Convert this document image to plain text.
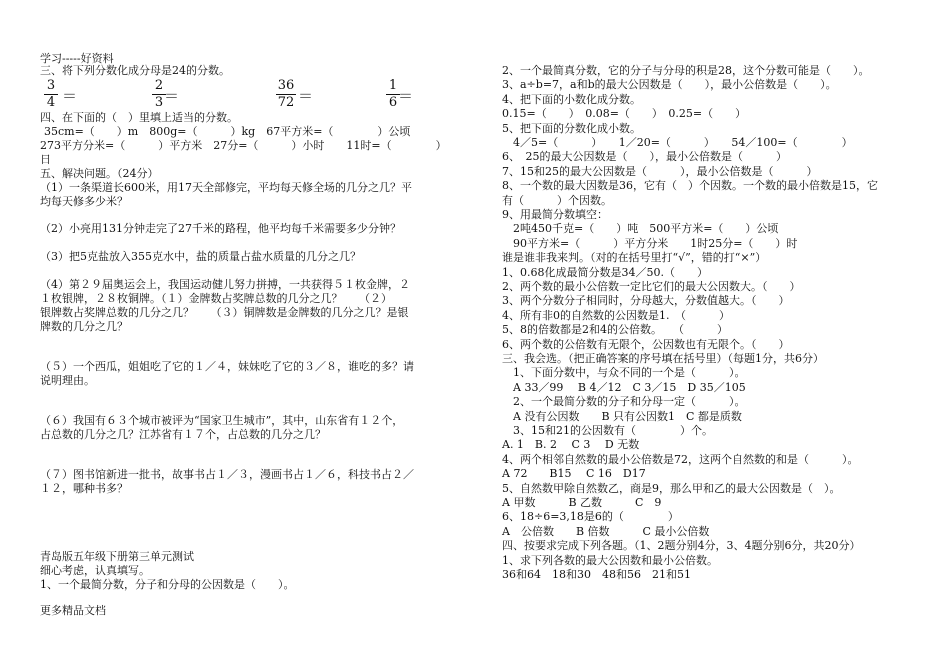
学习-----好资料
三、将下列分数化成分母是24的分数。
3
4 ＝
2
3 ＝
36
72 ＝
1
6 ＝
四、在下面的（　）里填上适当的分数。
35cm=（　　）m　800g=（　　　）kg　67平方米=（　　　　）公顷
273平方分米=（　　　）平方米　27分=（　　　）小时　　11时=（　　　　）
日
五、解决问题。（24分）
（1）一条渠道长600米，用17天全部修完，平均每天修全场的几分之几？平
均每天修多少米？
（2）小亮用131分钟走完了27千米的路程，他平均每千米需要多少分钟？
（3）把5克盐放入355克水中，盐的质量占盐水质量的几分之几？
（4）第２９届奥运会上，我国运动健儿努力拼搏，一共获得５１枚金牌，２
１枚银牌，２８枚铜牌。（１）金牌数占奖牌总数的几分之几？　　（２）
银牌数占奖牌总数的几分之几？　　（３）铜牌数是金牌数的几分之几？是银
牌数的几分之几？
（５）一个西瓜，姐姐吃了它的１／４，妹妹吃了它的３／８，谁吃的多？请
说明理由。
（６）我国有６３个城市被评为“国家卫生城市”，其中，山东省有１２个，
占总数的几分之几？江苏省有１７个，占总数的几分之几？
（７）图书馆新进一批书，故事书占１／３，漫画书占１／６，科技书占２／
１２，哪种书多？
青岛版五年级下册第三单元测试
细心考虑，认真填写。
1、一个最简分数，分子和分母的公因数是（　　）。
更多精品文档
2、一个最简真分数，它的分子与分母的积是28，这个分数可能是（　　）。
3、a÷b=7，a和b的最大公因数是（　　），最小公倍数是（　　）。
4、把下面的小数化成分数。
0.15=（　　）　0.08=（　　）　0.25=（　　）
5、把下面的分数化成小数。
　4／5=（　　　）　　1／20=（　　　）　　54／100=（　　　　）
6、　25的最大公因数是（　　），最小公倍数是（　　　）
7、15和25的最大公因数是（　　　），最小公倍数是（　　　）
8、一个数的最大因数是36，它有（　）个因数。一个数的最小倍数是15，它
有（　　　）个因数。
9、用最简分数填空：
　2吨450千克=（　　）吨　500平方米=（　　）公顷
　90平方米=（　　　）平方分米　　1时25分=（　　）时
谁是谁非我来判。（对的在括号里打“√”，错的打“×”）
1、0.68化成最简分数是34／50.（　　）
2、两个数的最小公倍数一定比它们的最大公因数大。（　　）
3、两个分数分子相同时，分母越大，分数值越大。（　　）
4、所有非0的自然数的公因数是1.　（　　　）
5、8的倍数都是2和4的公倍数。　　（　　　）
6、两个数的公倍数有无限个，公因数也有无限个。（　　）
三、我会选。（把正确答案的序号填在括号里）（每题1分，共6分）
　1、下面分数中，与众不同的一个是（　　　）。
　A 33／99　 B 4／12　C 3／15　D 35／105
　2、一个最简分数的分子和分母一定（　　　）。
　A 没有公因数　　B 只有公因数1　C 都是质数
　3、15和21的公因数有（　　　　）个。
A. 1　B. 2　 C 3　 D 无数
4、两个相邻自然数的最小公倍数是72，这两个自然数的和是（　　　）。
A 72　　B15　 C 16　D17
5、自然数甲除自然数乙，商是9，那么甲和乙的最大公因数是（　）。
A 甲数　　　B 乙数　　　C　9
6、18÷6=3,18是6的（　　　　）
A　公倍数　　B 倍数　　　C 最小公倍数
四、按要求完成下列各题。（1、2题分别4分，3、4题分别6分，共20分）
1、求下列各数的最大公因数和最小公倍数。
36和64　18和30　48和56　21和51
